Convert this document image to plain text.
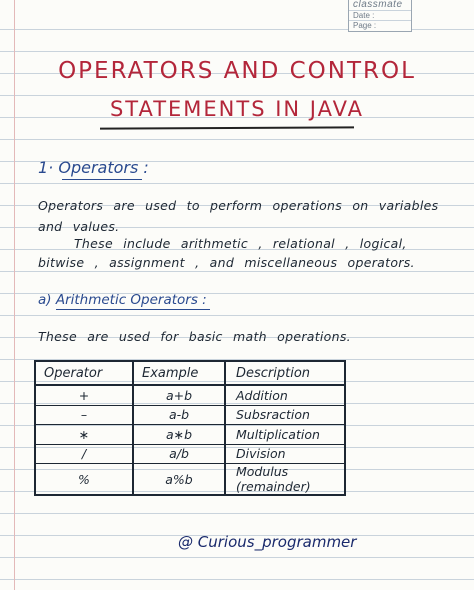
classmate
Date :
Page :
OPERATORS AND CONTROL
STATEMENTS IN JAVA
1· Operators :
Operators are used to perform operations on variables
and values.
These include arithmetic , relational , logical,
bitwise , assignment , and miscellaneous operators.
a) Arithmetic Operators :
These are used for basic math operations.
Operator	Example	Description
+	a+b	Addition
–	a-b	Subsraction
∗	a∗b	Multiplication
/	a/b	Division
%	a%b	Modulus (remainder)
@ Curious_programmer
